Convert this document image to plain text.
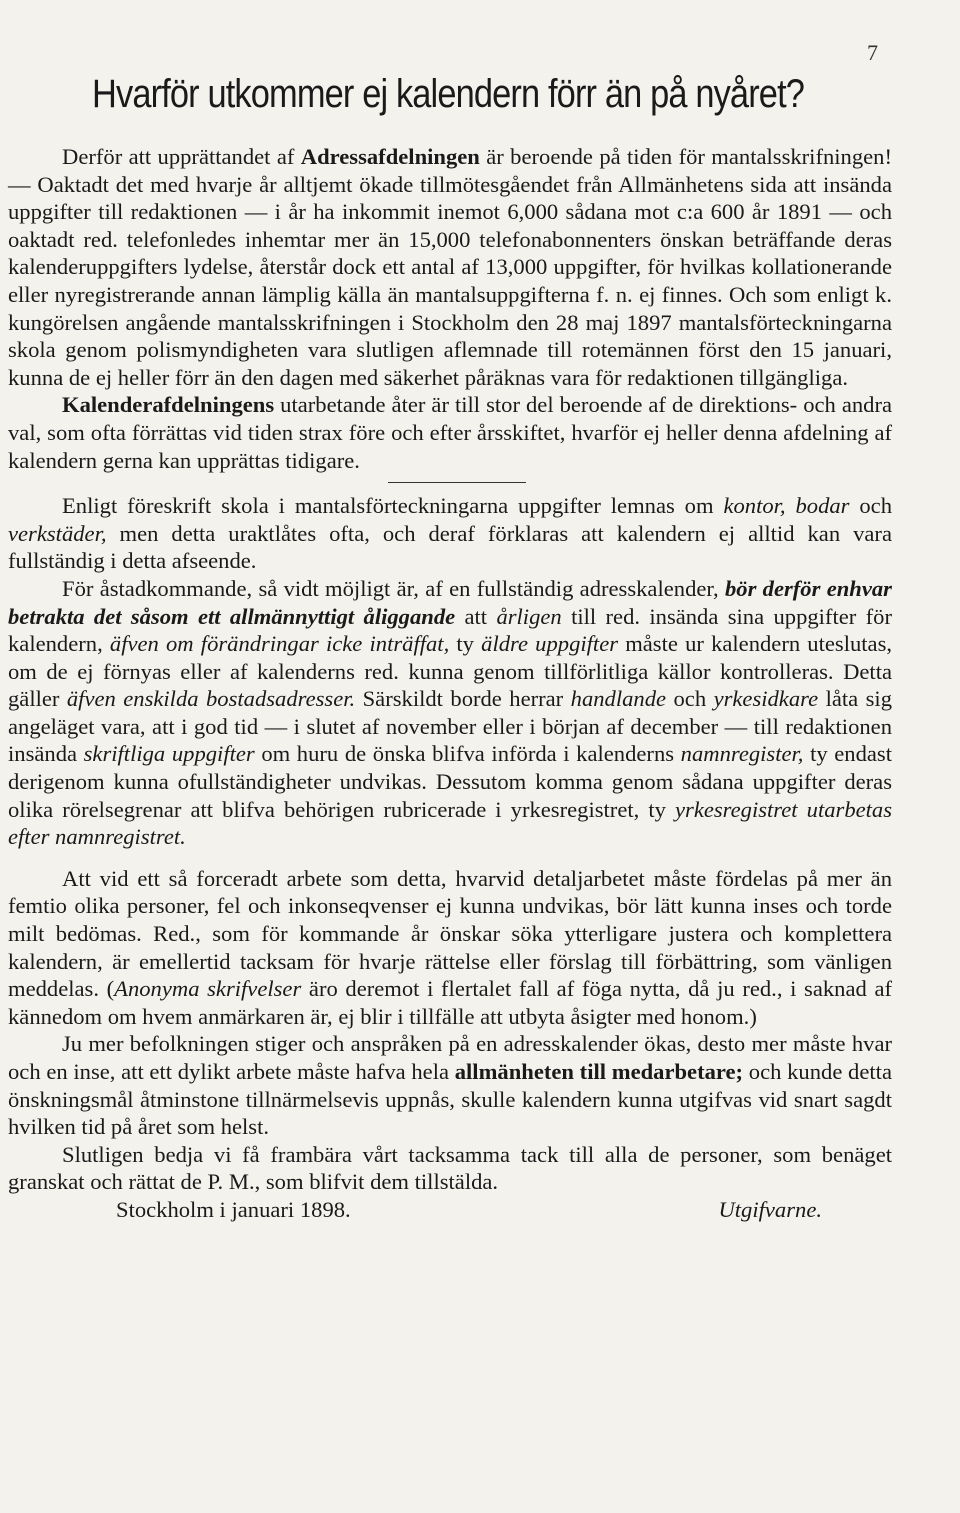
7
Hvarför utkommer ej kalendern förr än på nyåret?

Derför att upprättandet af Adressafdelningen är beroende på tiden för mantalsskrifningen! — Oaktadt det med hvarje år alltjemt ökade tillmötesgåendet från Allmänhetens sida att insända uppgifter till redaktionen — i år ha inkommit inemot 6,000 sådana mot c:a 600 år 1891 — och oaktadt red. telefonledes inhemtar mer än 15,000 telefonabonnenters önskan beträffande deras kalenderuppgifters lydelse, återstår dock ett antal af 13,000 uppgifter, för hvilkas kollationerande eller nyregistrerande annan lämplig källa än mantalsuppgifterna f. n. ej finnes. Och som enligt k. kungörelsen angående mantalsskrifningen i Stockholm den 28 maj 1897 mantalsförteckningarna skola genom polismyndigheten vara slutligen aflemnade till rotemännen först den 15 januari, kunna de ej heller förr än den dagen med säkerhet påräknas vara för redaktionen tillgängliga.

Kalenderafdelningens utarbetande åter är till stor del beroende af de direktions- och andra val, som ofta förrättas vid tiden strax före och efter årsskiftet, hvarför ej heller denna afdelning af kalendern gerna kan upprättas tidigare.

Enligt föreskrift skola i mantalsförteckningarna uppgifter lemnas om kontor, bodar och verkstäder, men detta uraktlåtes ofta, och deraf förklaras att kalendern ej alltid kan vara fullständig i detta afseende.

För åstadkommande, så vidt möjligt är, af en fullständig adresskalender, bör derför enhvar betrakta det såsom ett allmännyttigt åliggande att årligen till red. insända sina uppgifter för kalendern, äfven om förändringar icke inträffat, ty äldre uppgifter måste ur kalendern uteslutas, om de ej förnyas eller af kalenderns red. kunna genom tillförlitliga källor kontrolleras. Detta gäller äfven enskilda bostadsadresser. Särskildt borde herrar handlande och yrkesidkare låta sig angeläget vara, att i god tid — i slutet af november eller i början af december — till redaktionen insända skriftliga uppgifter om huru de önska blifva införda i kalenderns namnregister, ty endast derigenom kunna ofullständigheter undvikas. Dessutom komma genom sådana uppgifter deras olika rörelsegrenar att blifva behörigen rubricerade i yrkesregistret, ty yrkesregistret utarbetas efter namnregistret.

Att vid ett så forceradt arbete som detta, hvarvid detaljarbetet måste fördelas på mer än femtio olika personer, fel och inkonseqvenser ej kunna undvikas, bör lätt kunna inses och torde milt bedömas. Red., som för kommande år önskar söka ytterligare justera och komplettera kalendern, är emellertid tacksam för hvarje rättelse eller förslag till förbättring, som vänligen meddelas. (Anonyma skrifvelser äro deremot i flertalet fall af föga nytta, då ju red., i saknad af kännedom om hvem anmärkaren är, ej blir i tillfälle att utbyta åsigter med honom.)

Ju mer befolkningen stiger och anspråken på en adresskalender ökas, desto mer måste hvar och en inse, att ett dylikt arbete måste hafva hela allmänheten till medarbetare; och kunde detta önskningsmål åtminstone tillnärmelsevis uppnås, skulle kalendern kunna utgifvas vid snart sagdt hvilken tid på året som helst.

Slutligen bedja vi få frambära vårt tacksamma tack till alla de personer, som benäget granskat och rättat de P. M., som blifvit dem tillstälda.

Stockholm i januari 1898.	Utgifvarne.
